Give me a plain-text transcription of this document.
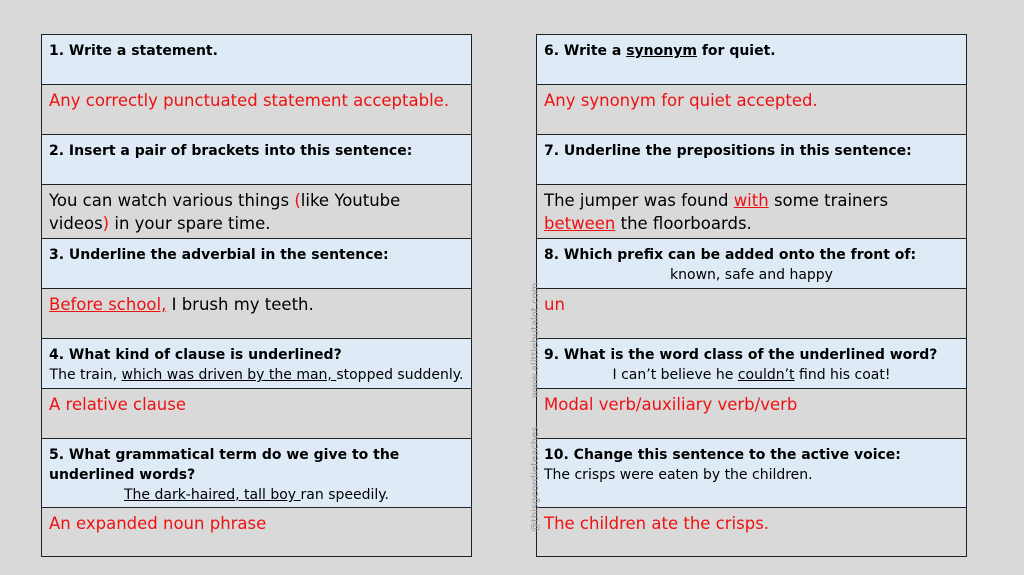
1. Write a statement.
Any correctly punctuated statement acceptable.
2. Insert a pair of brackets into this sentence:
You can watch various things (like Youtube videos) in your spare time.
3. Underline the adverbial in the sentence:
Before school, I brush my teeth.

4. What kind of clause is underlined?
The train, which was driven by the man, stopped suddenly.

A relative clause

5. What grammatical term do we give to the underlined words?
The dark-haired, tall boy ran speedily.

An expanded noun phrase
6. Write a synonym for quiet.
Any synonym for quiet accepted.
7. Underline the prepositions in this sentence:
The jumper was found with some trainers between the floorboards.

8. Which prefix can be added onto the front of:
known, safe and happy

un

9. What is the word class of the underlined word?
I can’t believe he couldn’t find his coat!

Modal verb/auxiliary verb/verb

10. Change this sentence to the active voice:
The crisps were eaten by the children.

The children ate the crisps.
www.alittlebutalot.com
@thisgeordieteaches
